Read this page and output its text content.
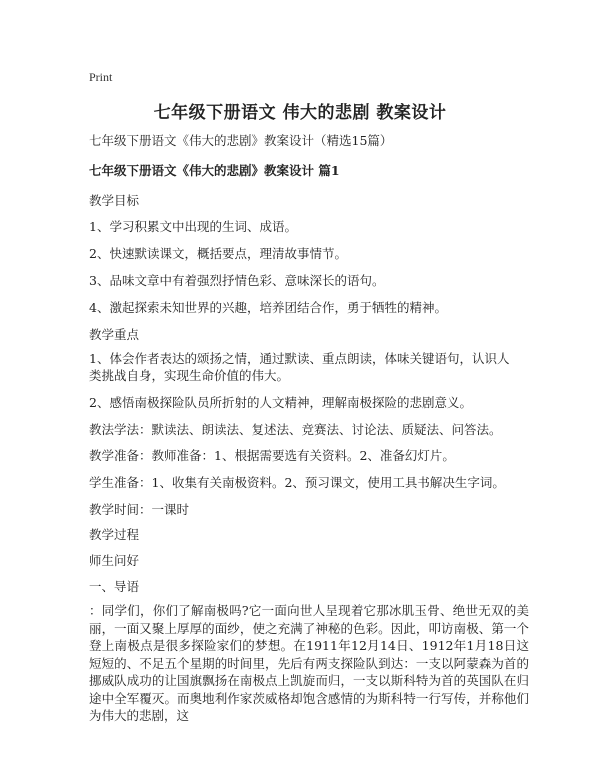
Print
七年级下册语文 伟大的悲剧 教案设计
七年级下册语文《伟大的悲剧》教案设计（精选15篇）
七年级下册语文《伟大的悲剧》教案设计 篇1
教学目标
1、学习积累文中出现的生词、成语。
2、快速默读课文，概括要点，理清故事情节。
3、品味文章中有着强烈抒情色彩、意味深长的语句。
4、激起探索未知世界的兴趣，培养团结合作，勇于牺牲的精神。
教学重点
1、体会作者表达的颂扬之情，通过默读、重点朗读，体味关键语句，认识人类挑战自身，实现生命价值的伟大。
2、感悟南极探险队员所折射的人文精神，理解南极探险的悲剧意义。
教法学法：默读法、朗读法、复述法、竞赛法、讨论法、质疑法、问答法。
教学准备：教师准备：1、根据需要选有关资料。2、准备幻灯片。
学生准备：1、收集有关南极资料。2、预习课文，使用工具书解决生字词。
教学时间：一课时
教学过程
师生问好
一、导语
：同学们，你们了解南极吗?它一面向世人呈现着它那冰肌玉骨、绝世无双的美丽，一面又聚上厚厚的面纱，使之充满了神秘的色彩。因此，叩访南极、第一个登上南极点是很多探险家们的梦想。在1911年12月14日、1912年1月18日这短短的、不足五个星期的时间里，先后有两支探险队到达：一支以阿蒙森为首的挪威队成功的让国旗飘扬在南极点上凯旋而归，一支以斯科特为首的英国队在归途中全军覆灭。而奥地利作家茨威格却饱含感情的为斯科特一行写传，并称他们为伟大的悲剧，这
